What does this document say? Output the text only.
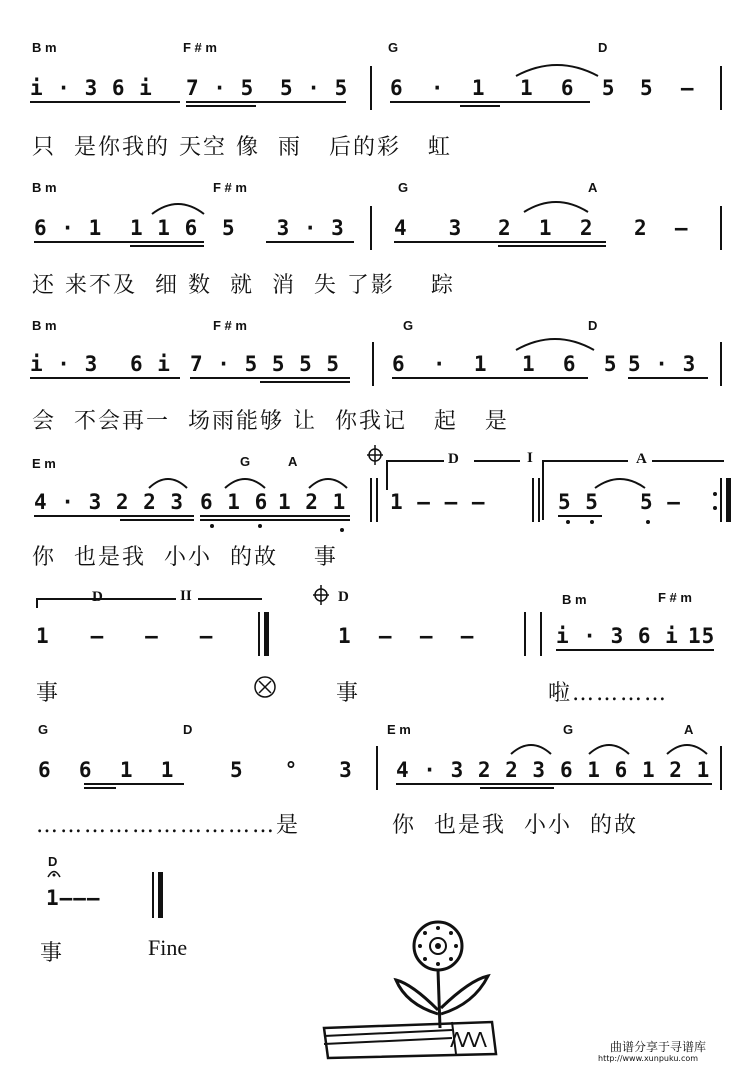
B m	F # m	G	D
i · 3 6 i 7 · 5 5 · 5 6  ·  1 1  6  5 5  —
只  是你我的 天空 像  雨   后的彩   虹
B m	F # m	G	A
6 · 1 1 1 6 5   3 · 3 4   3 2  1  2 2  —
还 来不及  细 数  就  消  失 了影    踪
B m	F # m	G	D
i · 3 6 i 7 · 5 5 5 5 6  ·  1 1  6  5 5 · 3
会  不会再一  场雨能够 让  你我记   起   是
E m	G	A	D	A
I
4 · 3 2 2 3 6 1 6 1 2 1 1 — — —	5 5 5 —
你  也是我  小小  的故    事
D	II	D	B m	F # m
1   —   —   —	1  —  —  —	i · 3 6 i 15
事	事	啦…………
G	D	E m	G	A
6  6  1  1	5   °   3 4 · 3 2 2 3 6 1 6 1 2 1
…………………………是	你  也是我  小小  的故
D
1———
事	Fine
ΛΛΛ	曲谱分享于寻谱库
http://www.xunpuku.com
